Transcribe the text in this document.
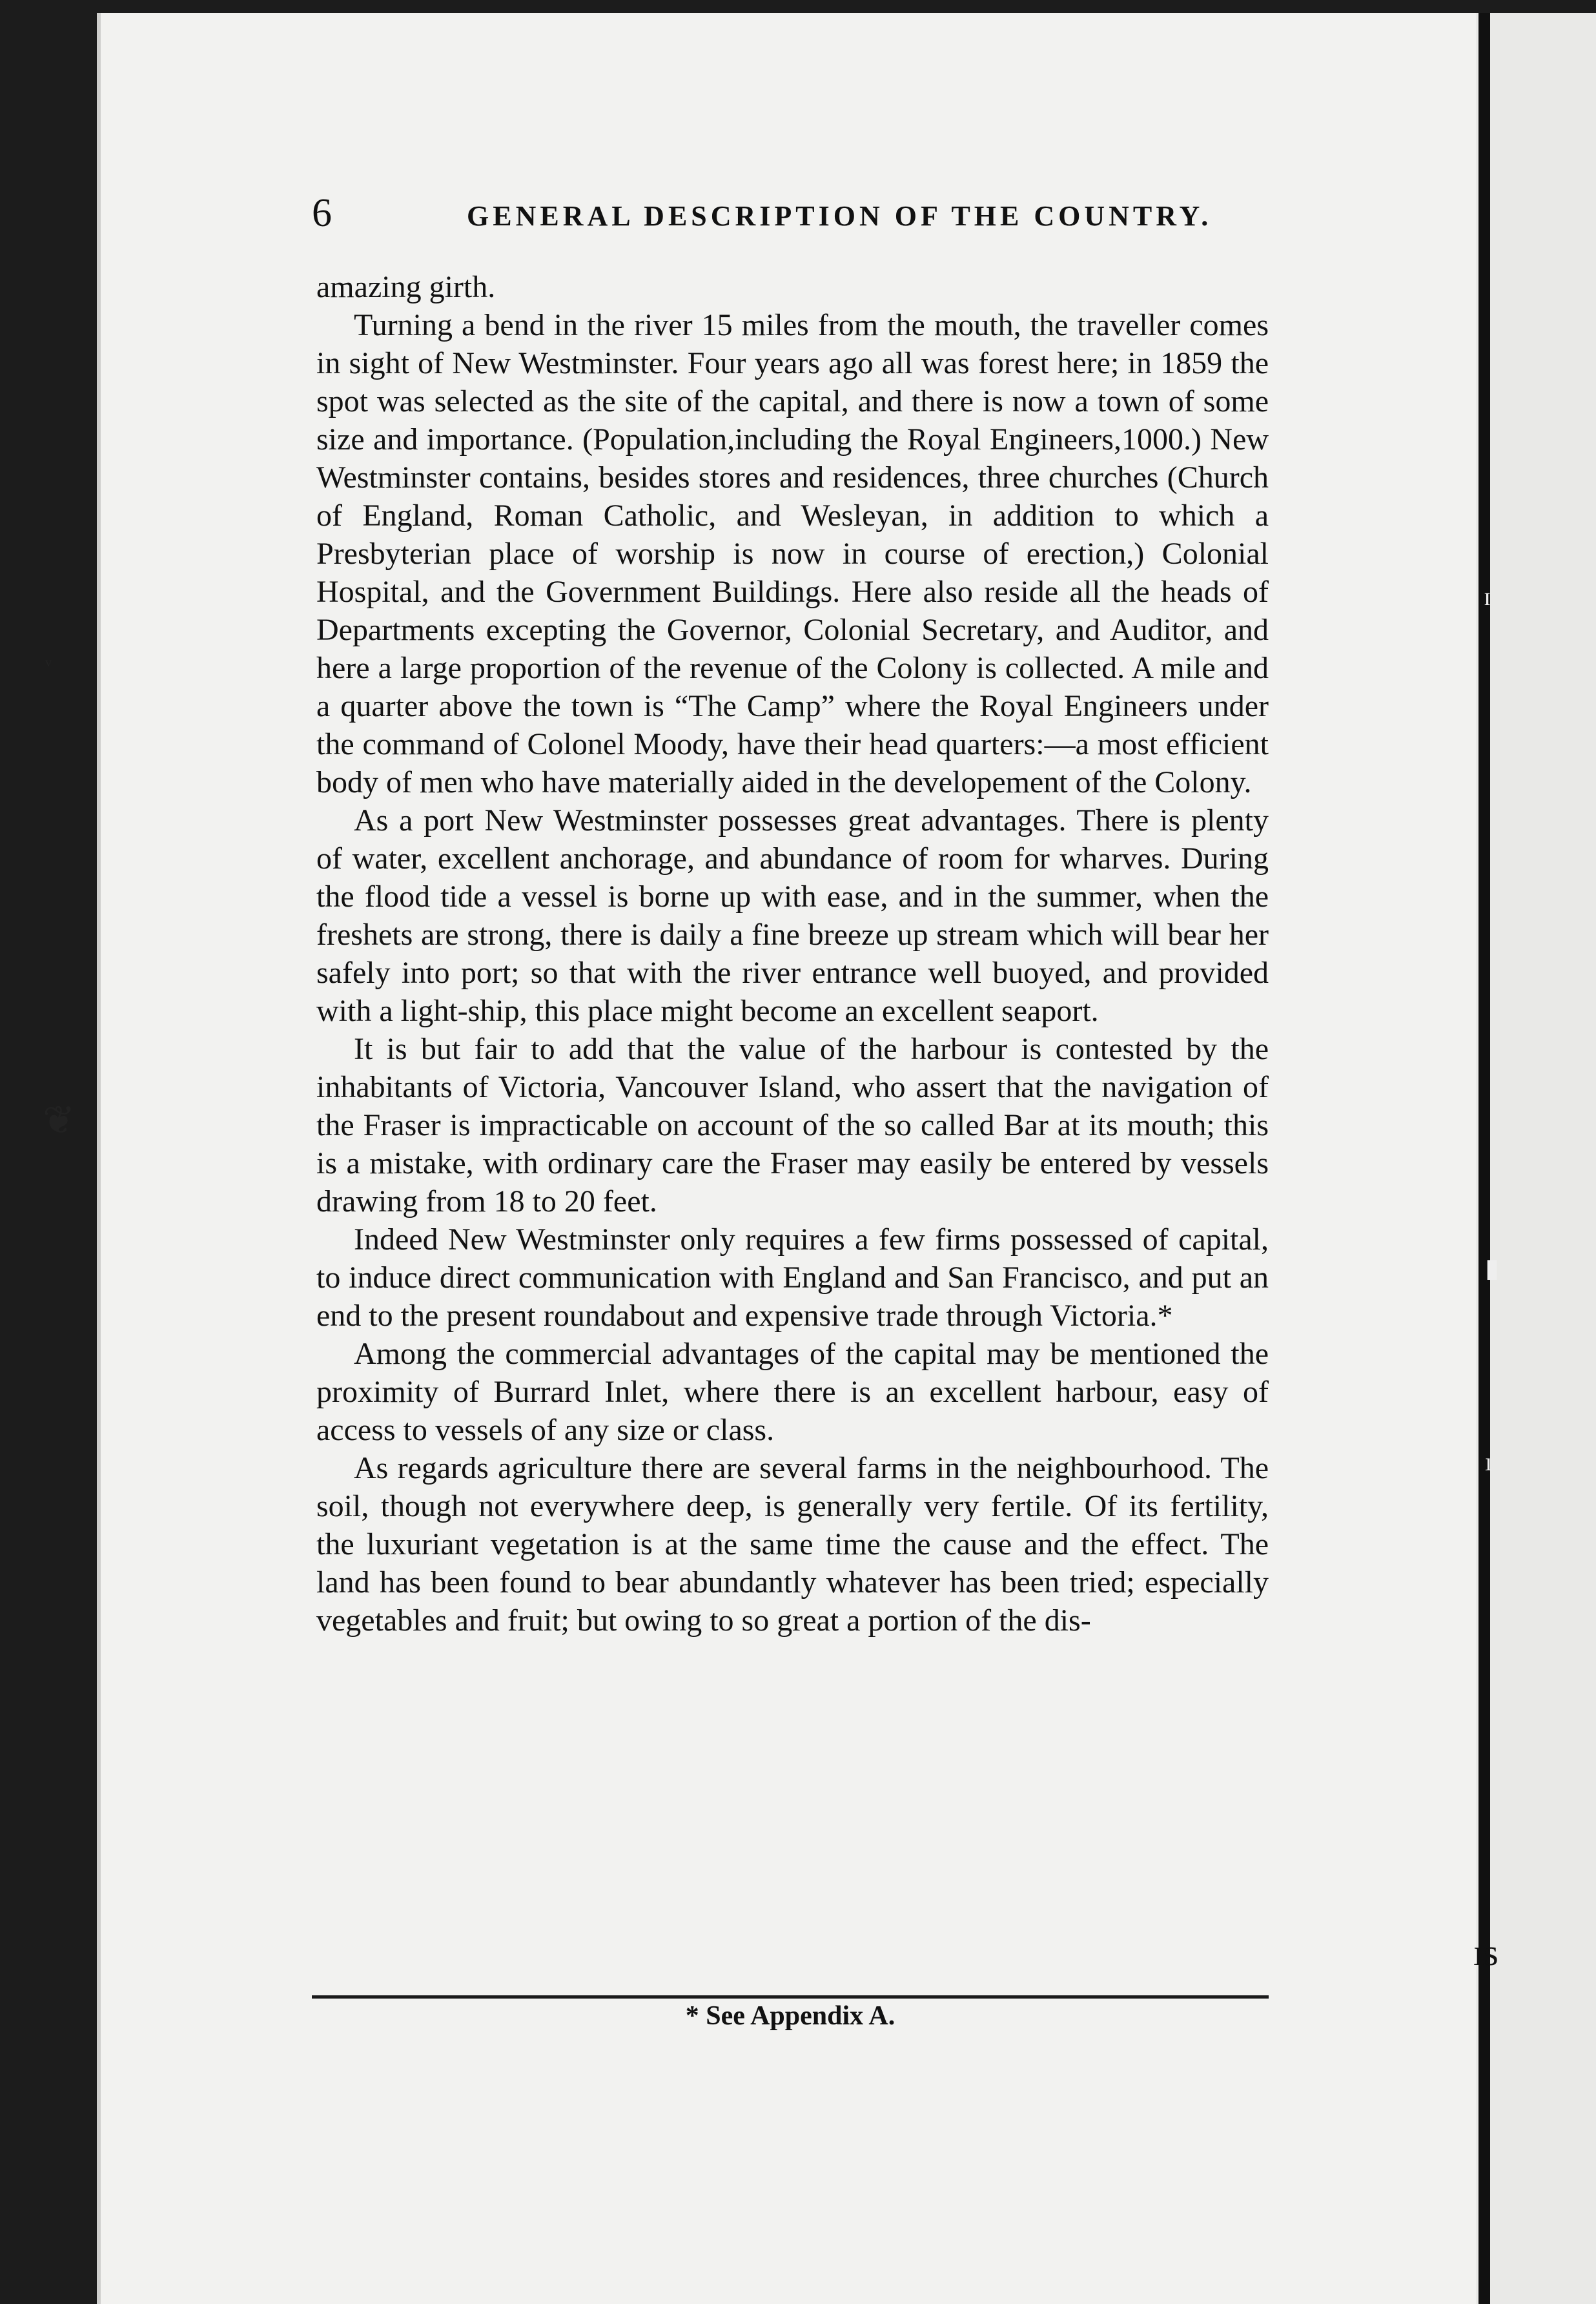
ᵥ
❦
ɪ
▮
ı
ıs
6	GENERAL DESCRIPTION OF THE COUNTRY.

amazing girth.

Turning a bend in the river 15 miles from the mouth, the traveller comes in sight of New Westminster. Four years ago all was forest here; in 1859 the spot was selected as the site of the capital, and there is now a town of some size and importance. (Population,including the Royal Engineers,1000.) New Westminster contains, besides stores and residences, three churches (Church of England, Roman Catholic, and Wesleyan, in addition to which a Presbyterian place of worship is now in course of erection,) Colonial Hospital, and the Government Buildings. Here also reside all the heads of Departments excepting the Governor, Colonial Secretary, and Auditor, and here a large proportion of the revenue of the Colony is collected. A mile and a quarter above the town is “The Camp” where the Royal Engineers under the command of Colonel Moody, have their head quarters:—a most efficient body of men who have materially aided in the developement of the Colony.

As a port New Westminster possesses great advantages. There is plenty of water, excellent anchorage, and abundance of room for wharves. During the flood tide a vessel is borne up with ease, and in the summer, when the freshets are strong, there is daily a fine breeze up stream which will bear her safely into port; so that with the river entrance well buoyed, and provided with a light-ship, this place might become an excellent seaport.

It is but fair to add that the value of the harbour is contested by the inhabitants of Victoria, Vancouver Island, who assert that the navigation of the Fraser is impracticable on account of the so called Bar at its mouth; this is a mistake, with ordinary care the Fraser may easily be entered by vessels drawing from 18 to 20 feet.

Indeed New Westminster only requires a few firms possessed of capital, to induce direct communication with England and San Francisco, and put an end to the present roundabout and expensive trade through Victoria.*

Among the commercial advantages of the capital may be mentioned the proximity of Burrard Inlet, where there is an excellent harbour, easy of access to vessels of any size or class.

As regards agriculture there are several farms in the neighbourhood. The soil, though not everywhere deep, is generally very fertile. Of its fertility, the luxuriant vegetation is at the same time the cause and the effect. The land has been found to bear abundantly whatever has been tried; especially vegetables and fruit; but owing to so great a portion of the dis-

* See Appendix A.
